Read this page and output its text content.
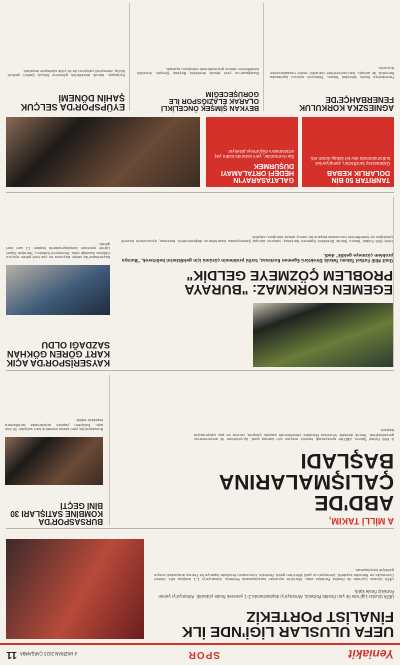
Yeniakit
SPOR
4 HAZİRAN 2025 ÇARŞAMBA
11
UEFA ULUSLAR LİGİ'NDE İLK FİNALİST PORTEKİZ
UEFA Uluslar Ligi'nde ilk yarı finalde Portekiz, Almanya'yı deplasmanda 2-1 yenerek finale yükseldi. Almanya'yı yenen Portekiz finale kaldı.
UEFA Uluslar Ligi'nde ilk finalist Portekiz oldu. Münih'te oynanan karşılaşmada Portekiz, Almanya'yı 2-1 mağlup etti. Golleri Conceição ve Ronaldo kaydetti. Almanya'nın golü Wirtz'ten geldi. Portekiz, turnuvanın finalinde İspanya ile Fransa arasındaki maçın galibiyle karşılaşacak.
A MİLLİ TAKIM,
ABD'DE ÇALIŞMALARINA BAŞLADI
A Milli Futbol Takımı, ABD'de oynayacağı hazırlık maçları için kampa girdi. Ay-yıldızlılar ilk antrenmanını gerçekleştirdi. Teknik direktör Vincenzo Montella yönetiminde yapılan çalışma, ısınma ve pas çalışmasıyla başladı.
BURSASPOR'DA KOMBİNE SATIŞLARI 30 BİNİ GEÇTİ
Bursaspor'da yeni sezon kombine kart satışları 30 bini aştı. Kulüpten yapılan açıklamada taraftarlara teşekkür edildi.
KAYSERİSPOR'DA AÇIK KART GÖREN GÖKHAN SAZDAĞI OLDU
Kayserispor'da sezon boyunca en çok kart gören oyuncu Gökhan Sazdağı oldu. Deneyimli futbolcu, Trendyol Süper Lig'de oynanan karşılaşmalarda toplam 11 sarı kart gördü.
EGEMEN KORKMAZ: "BURAYA PROBLEM ÇÖZMEYE GELDİK"
Ümit Milli Futbol Takımı Teknik Direktörü Egemen Korkmaz, tarihi problemin çözümü için geldiklerini belirterek, "Buraya problem çözmeye geldik" dedi.
Ümit Milli Futbol Takımı Teknik Direktörü Egemen Korkmaz, takımın Avrupa Şampiyonası hazırlıklarını değerlendirdi. Korkmaz, oyuncuların özverili çalıştığını ve hedeflerinin turnuvada başarılı bir sonuç almak olduğunu söyledi.
TANRITAR 50 BİN DOLARLIK KEBAB
Galatasaray taraftarları, şampiyonluk kutlamalarında dev bir kebap ikram etti.
GALATASARAY'IN HEDEFİ ORTALAMAYI DÜŞÜRMEK
Sarı-kırmızılılar, yeni sezonda kadro yaş ortalamasını düşürmeyi planlıyor.
AGNIESZKA KORKULUK FENERBAHÇE'DE
Fenerbahçe Kadın Voleybol Takımı, Polonyalı oyuncu Agnieszka Korneluk ile anlaştı. Sarı-lacivertliler transferi resmi hesaplarından duyurdu.
BEYKAN ŞİMŞEK ÖNCELİKLİ OLARAK ELAZIĞSPOR İLE GÖRÜŞECEĞİM
Elazığspor'un yeni teknik direktörü Beykan Şimşek, öncelikli hedeflerinin takımı güçlendirmek olduğunu açıkladı.
EYÜPSPOR'DA SELÇUK ŞAHİN DÖNEMİ
Eyüpspor, teknik direktörlük görevine Selçuk Şahin'i getirdi. Kulüp, deneyimli çalıştırıcı ile iki yıllık sözleşme imzaladı.
